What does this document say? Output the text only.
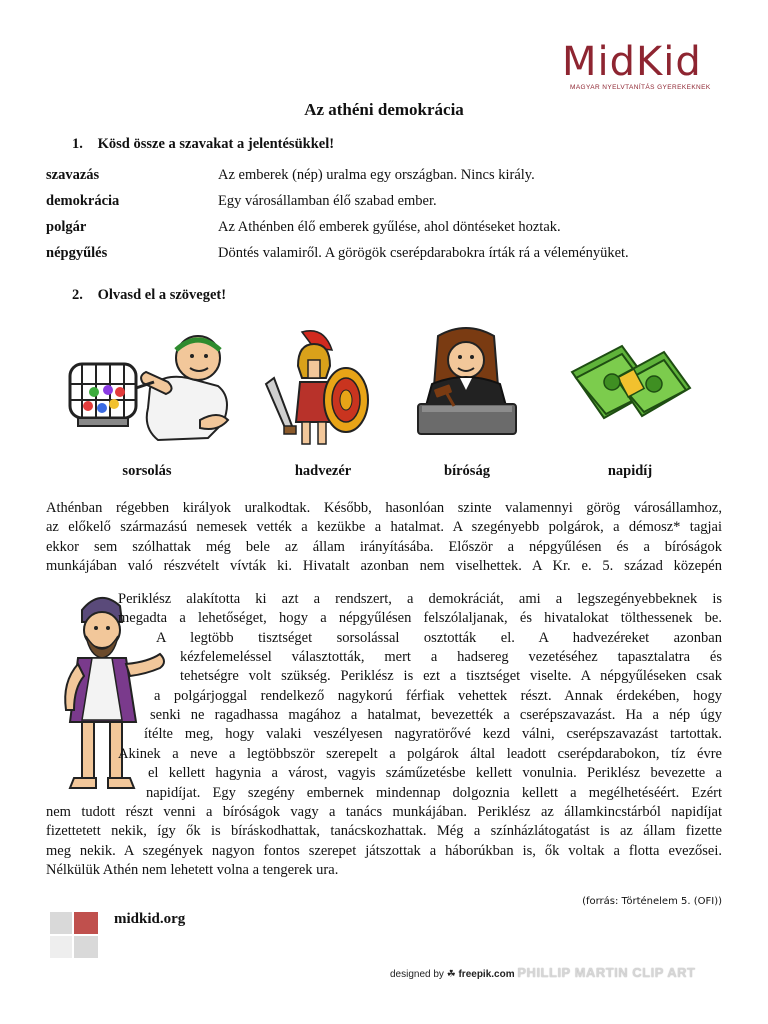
MidKid
MAGYAR NYELVTANÍTÁS GYEREKEKNEK
Az athéni demokrácia
1. Kösd össze a szavakat a jelentésükkel!
szavazás	Az emberek (nép) uralma egy országban. Nincs király.
demokrácia	Egy városállamban élő szabad ember.
polgár	Az Athénben élő emberek gyűlése, ahol döntéseket hoztak.
népgyűlés	Döntés valamiről. A görögök cserépdarabokra írták rá a véleményüket.
2. Olvasd el a szöveget!
sorsolás	hadvezér	bíróság	napidíj
Athénban régebben királyok uralkodtak. Később, hasonlóan szinte valamennyi görög városállamhoz,
az előkelő származású nemesek vették a kezükbe a hatalmat. A szegényebb polgárok, a démosz* tagjai
ekkor sem szólhattak még bele az állam irányításába. Először a népgyűlésen és a bíróságok
munkájában való részvételt vívták ki. Hivatalt azonban nem viselhettek. A Kr. e. 5. század közepén
Periklész alakította ki azt a rendszert, a demokráciát, ami a legszegényebbeknek is
megadta a lehetőséget, hogy a népgyűlésen felszólaljanak, és hivatalokat tölthessenek be.
A legtöbb tisztséget sorsolással osztották el. A hadvezéreket azonban
kézfelemeléssel választották, mert a hadsereg vezetéséhez tapasztalatra és
tehetségre volt szükség. Periklész is ezt a tisztséget viselte. A népgyűléseken csak
a polgárjoggal rendelkező nagykorú férfiak vehettek részt. Annak érdekében, hogy
senki ne ragadhassa magához a hatalmat, bevezették a cserépszavazást. Ha a nép úgy
ítélte meg, hogy valaki veszélyesen nagyratörővé kezd válni, cserépszavazást tartottak.
Akinek a neve a legtöbbször szerepelt a polgárok által leadott cserépdarabokon, tíz évre
el kellett hagynia a várost, vagyis száműzetésbe kellett vonulnia. Periklész bevezette a
napidíjat. Egy szegény embernek mindennap dolgoznia kellett a megélhetéséért. Ezért
nem tudott részt venni a bíróságok vagy a tanács munkájában. Periklész az államkincstárból napidíjat
fizettetett nekik, így ők is bíráskodhattak, tanácskozhattak. Még a színházlátogatást is az állam fizette
meg nekik. A szegények nagyon fontos szerepet játszottak a háborúkban is, ők voltak a flotta evezősei.
Nélkülük Athén nem lehetett volna a tengerek ura.
(forrás: Történelem 5. (OFI))
midkid.org
designed by ☘ freepik.com PHILLIP MARTIN CLIP ART
